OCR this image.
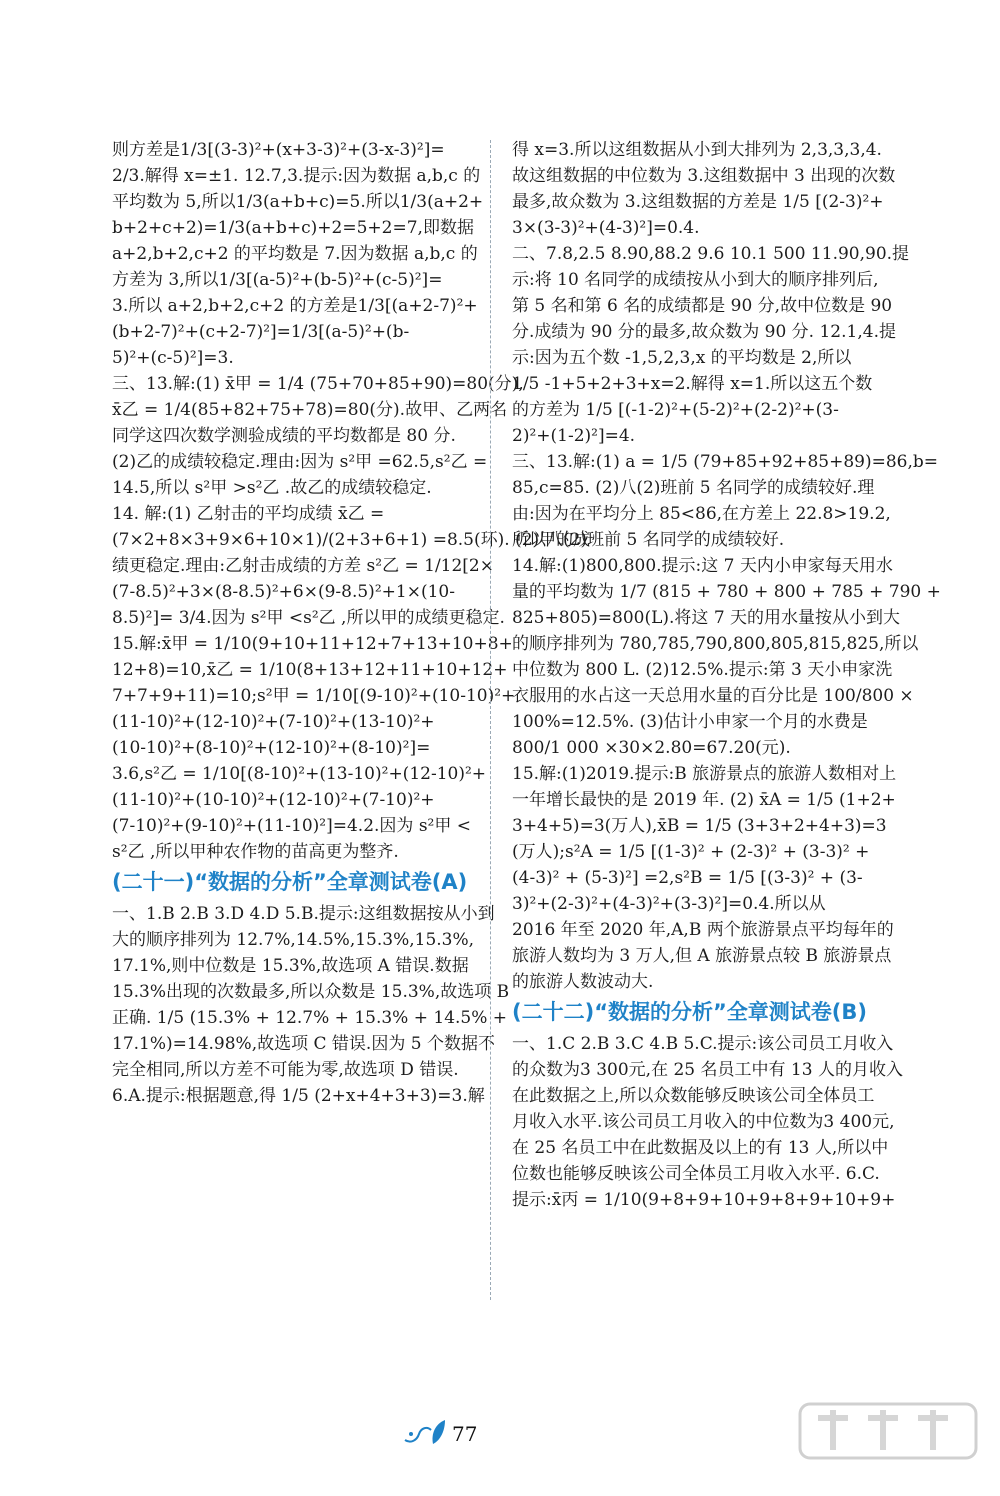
则方差是1/3[(3-3)²+(x+3-3)²+(3-x-3)²]=
2/3.解得 x=±1. 12.7,3.提示:因为数据 a,b,c 的
平均数为 5,所以1/3(a+b+c)=5.所以1/3(a+2+
b+2+c+2)=1/3(a+b+c)+2=5+2=7,即数据
a+2,b+2,c+2 的平均数是 7.因为数据 a,b,c 的
方差为 3,所以1/3[(a-5)²+(b-5)²+(c-5)²]=
3.所以 a+2,b+2,c+2 的方差是1/3[(a+2-7)²+
(b+2-7)²+(c+2-7)²]=1/3[(a-5)²+(b-
5)²+(c-5)²]=3.
三、13.解:(1) x̄甲 = 1/4 (75+70+85+90)=80(分),
x̄乙 = 1/4(85+82+75+78)=80(分).故甲、乙两名
同学这四次数学测验成绩的平均数都是 80 分.
(2)乙的成绩较稳定.理由:因为 s²甲 =62.5,s²乙 =
14.5,所以 s²甲 >s²乙 .故乙的成绩较稳定.
14. 解:(1) 乙射击的平均成绩 x̄乙 =
(7×2+8×3+9×6+10×1)/(2+3+6+1) =8.5(环). (2)甲的成
绩更稳定.理由:乙射击成绩的方差 s²乙 = 1/12[2×
(7-8.5)²+3×(8-8.5)²+6×(9-8.5)²+1×(10-
8.5)²]= 3/4.因为 s²甲 <s²乙 ,所以甲的成绩更稳定.
15.解:x̄甲 = 1/10(9+10+11+12+7+13+10+8+
12+8)=10,x̄乙 = 1/10(8+13+12+11+10+12+
7+7+9+11)=10;s²甲 = 1/10[(9-10)²+(10-10)²+
(11-10)²+(12-10)²+(7-10)²+(13-10)²+
(10-10)²+(8-10)²+(12-10)²+(8-10)²]=
3.6,s²乙 = 1/10[(8-10)²+(13-10)²+(12-10)²+
(11-10)²+(10-10)²+(12-10)²+(7-10)²+
(7-10)²+(9-10)²+(11-10)²]=4.2.因为 s²甲 <
s²乙 ,所以甲种农作物的苗高更为整齐.
(二十一)“数据的分析”全章测试卷(A)
一、1.B 2.B 3.D 4.D 5.B.提示:这组数据按从小到
大的顺序排列为 12.7%,14.5%,15.3%,15.3%,
17.1%,则中位数是 15.3%,故选项 A 错误.数据
15.3%出现的次数最多,所以众数是 15.3%,故选项 B
正确. 1/5 (15.3% + 12.7% + 15.3% + 14.5% +
17.1%)=14.98%,故选项 C 错误.因为 5 个数据不
完全相同,所以方差不可能为零,故选项 D 错误.
6.A.提示:根据题意,得 1/5 (2+x+4+3+3)=3.解
得 x=3.所以这组数据从小到大排列为 2,3,3,3,4.
故这组数据的中位数为 3.这组数据中 3 出现的次数
最多,故众数为 3.这组数据的方差是 1/5 [(2-3)²+
3×(3-3)²+(4-3)²]=0.4.
二、7.8,2.5 8.90,88.2 9.6 10.1 500 11.90,90.提
示:将 10 名同学的成绩按从小到大的顺序排列后,
第 5 名和第 6 名的成绩都是 90 分,故中位数是 90
分.成绩为 90 分的最多,故众数为 90 分. 12.1,4.提
示:因为五个数 -1,5,2,3,x 的平均数是 2,所以
1/5 -1+5+2+3+x=2.解得 x=1.所以这五个数
的方差为 1/5 [(-1-2)²+(5-2)²+(2-2)²+(3-
2)²+(1-2)²]=4.
三、13.解:(1) a = 1/5 (79+85+92+85+89)=86,b=
85,c=85. (2)八(2)班前 5 名同学的成绩较好.理
由:因为在平均分上 85<86,在方差上 22.8>19.2,
所以八(2)班前 5 名同学的成绩较好.
14.解:(1)800,800.提示:这 7 天内小申家每天用水
量的平均数为 1/7 (815 + 780 + 800 + 785 + 790 +
825+805)=800(L).将这 7 天的用水量按从小到大
的顺序排列为 780,785,790,800,805,815,825,所以
中位数为 800 L. (2)12.5%.提示:第 3 天小申家洗
衣服用的水占这一天总用水量的百分比是 100/800 ×
100%=12.5%. (3)估计小申家一个月的水费是
800/1 000 ×30×2.80=67.20(元).
15.解:(1)2019.提示:B 旅游景点的旅游人数相对上
一年增长最快的是 2019 年. (2) x̄A = 1/5 (1+2+
3+4+5)=3(万人),x̄B = 1/5 (3+3+2+4+3)=3
(万人);s²A = 1/5 [(1-3)² + (2-3)² + (3-3)² +
(4-3)² + (5-3)²] =2,s²B = 1/5 [(3-3)² + (3-
3)²+(2-3)²+(4-3)²+(3-3)²]=0.4.所以从
2016 年至 2020 年,A,B 两个旅游景点平均每年的
旅游人数均为 3 万人,但 A 旅游景点较 B 旅游景点
的旅游人数波动大.
(二十二)“数据的分析”全章测试卷(B)
一、1.C 2.B 3.C 4.B 5.C.提示:该公司员工月收入
的众数为3 300元,在 25 名员工中有 13 人的月收入
在此数据之上,所以众数能够反映该公司全体员工
月收入水平.该公司员工月收入的中位数为3 400元,
在 25 名员工中在此数据及以上的有 13 人,所以中
位数也能够反映该公司全体员工月收入水平. 6.C.
提示:x̄丙 = 1/10(9+8+9+10+9+8+9+10+9+
77
